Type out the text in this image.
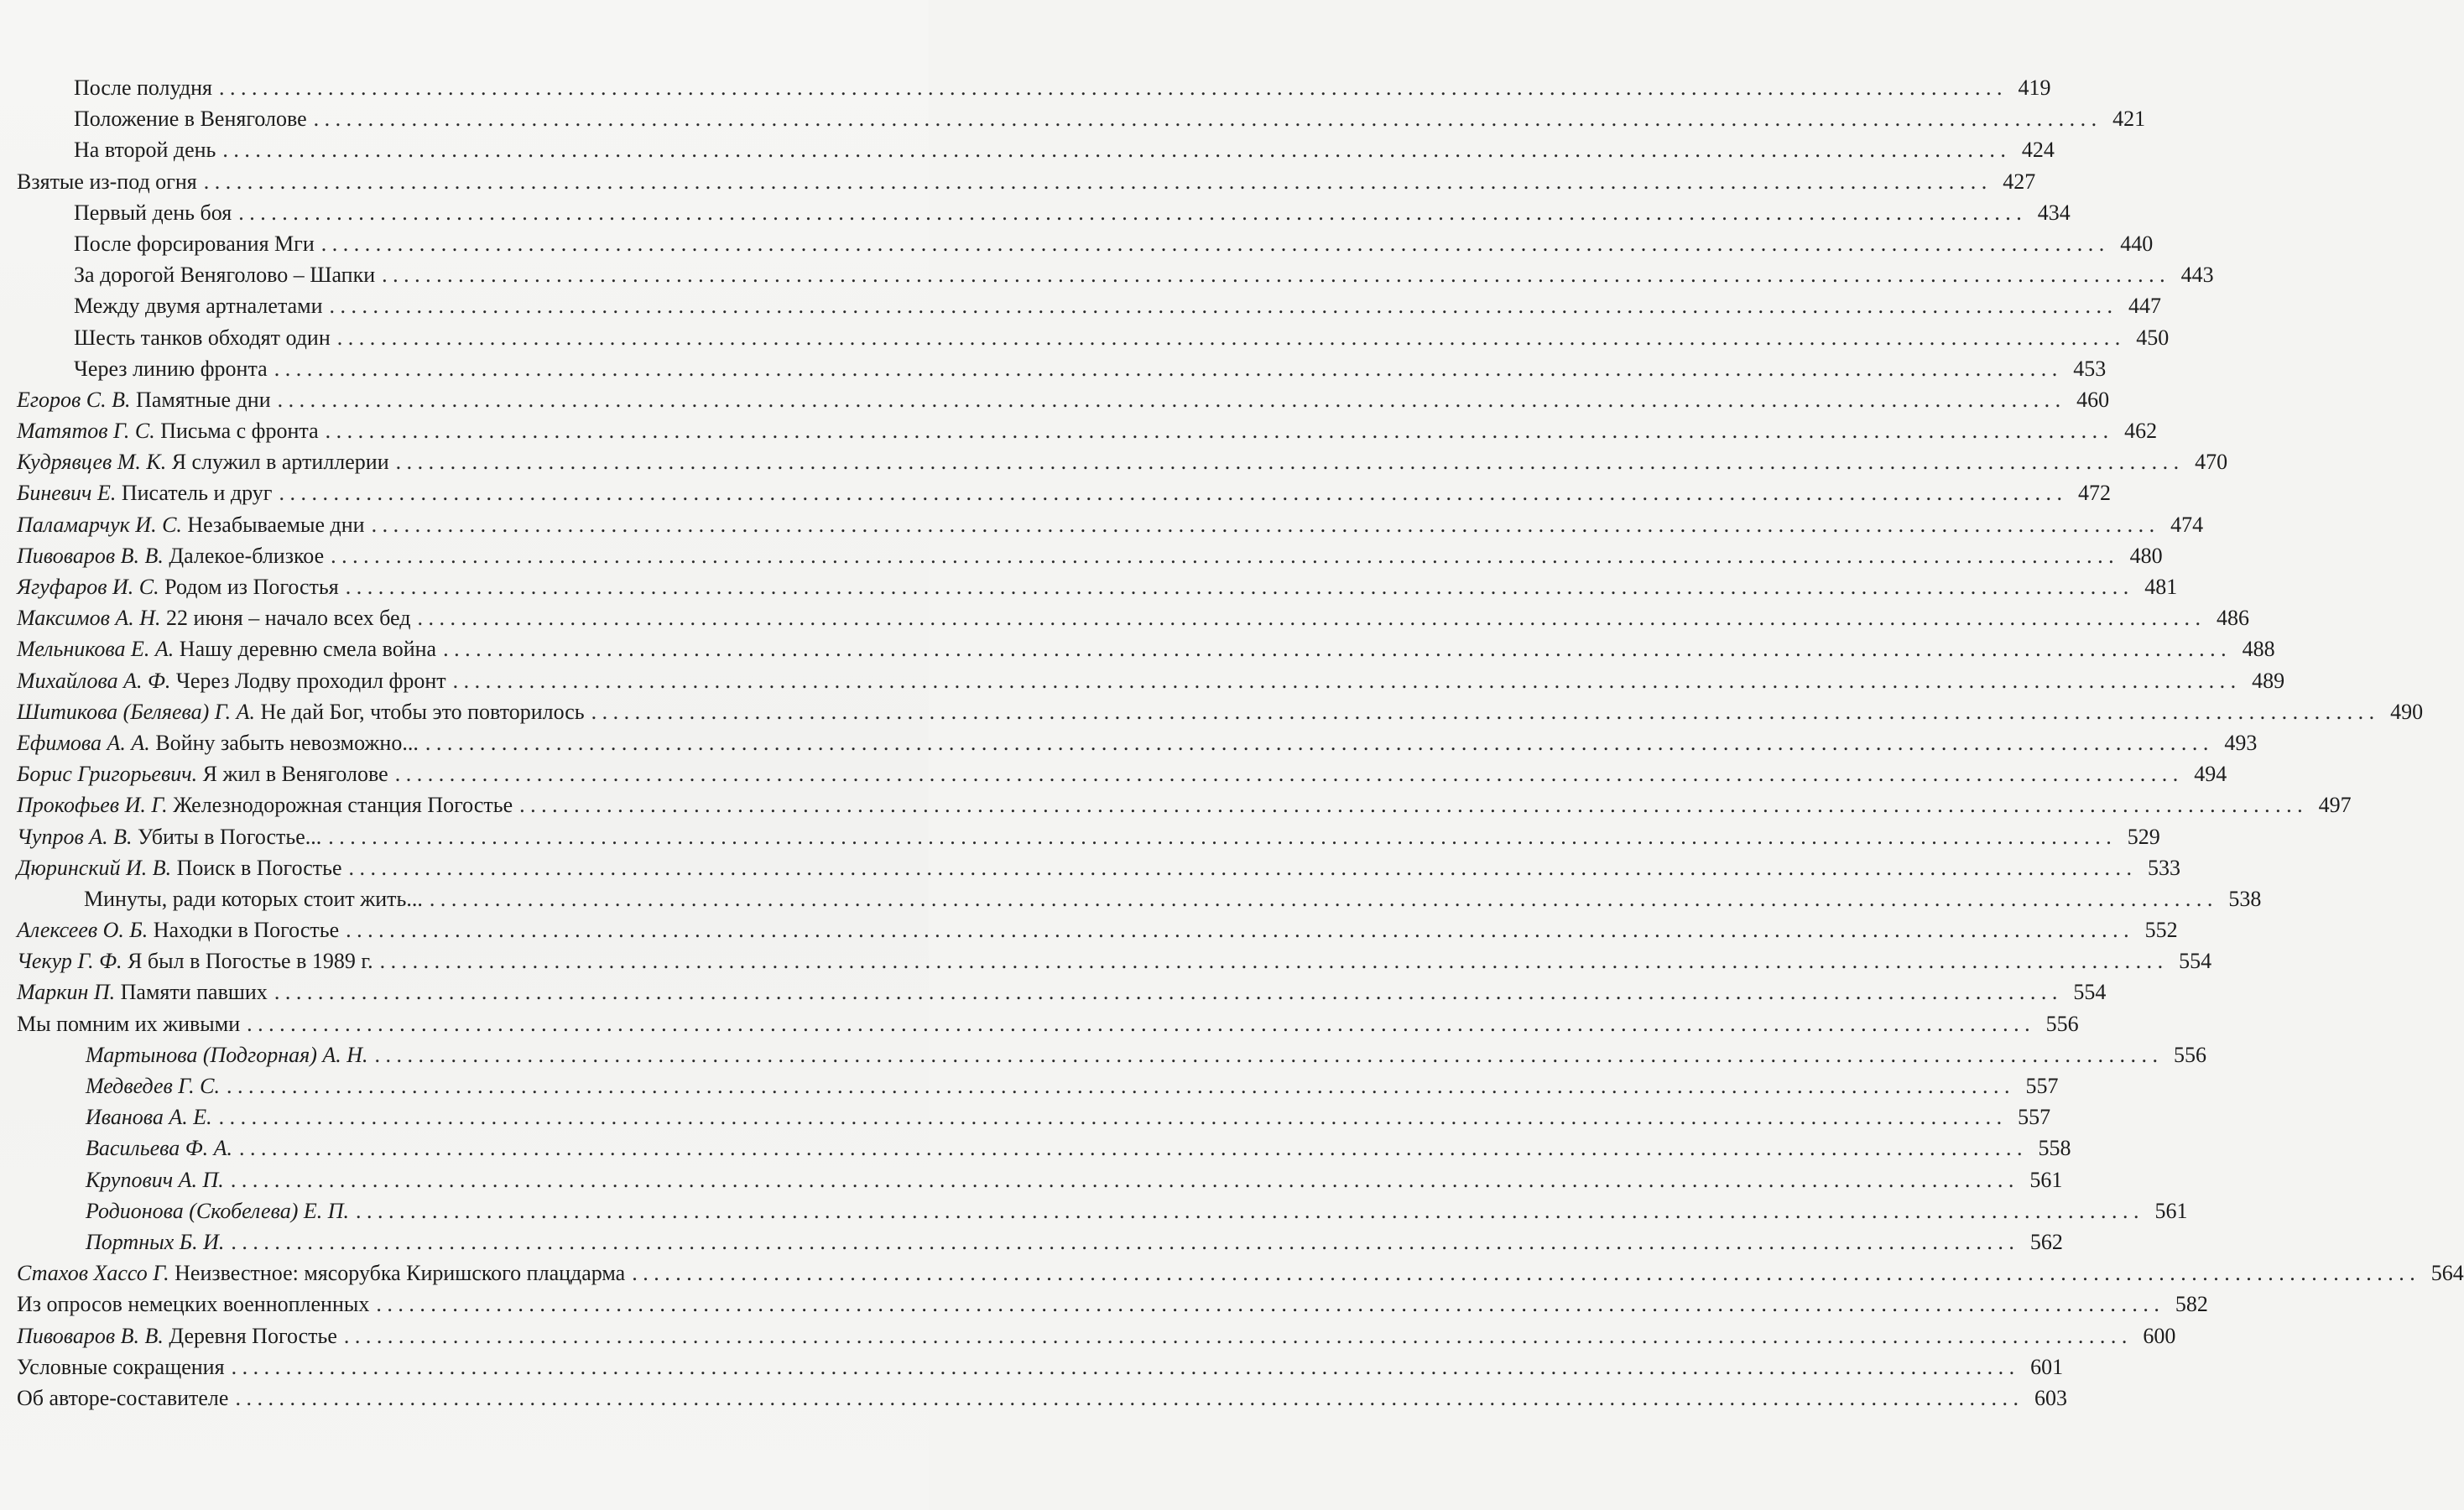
После полудня . . .	419
Положение в Веняголове . . .	421
На второй день . . .	424
Взятые из-под огня . . .	427
Первый день боя . . .	434
После форсирования Мги . . .	440
За дорогой Веняголово – Шапки . . .	443
Между двумя артналетами . . .	447
Шесть танков обходят один . . .	450
Через линию фронта . . .	453
Егоров С. В. Памятные дни . . .	460
Матятов Г. С. Письма с фронта . . .	462
Кудрявцев М. К. Я служил в артиллерии . . .	470
Биневич Е. Писатель и друг . . .	472
Паламарчук И. С. Незабываемые дни . . .	474
Пивоваров В. В. Далекое-близкое . . .	480
Ягуфаров И. С. Родом из Погостья . . .	481
Максимов А. Н. 22 июня – начало всех бед . . .	486
Мельникова Е. А. Нашу деревню смела война . . .	488
Михайлова А. Ф. Через Лодву проходил фронт . . .	489
Шитикова (Беляева) Г. А. Не дай Бог, чтобы это повторилось . . .	490
Ефимова А. А. Войну забыть невозможно... . . .	493
Борис Григорьевич. Я жил в Веняголове . . .	494
Прокофьев И. Г. Железнодорожная станция Погостье . . .	497
Чупров А. В. Убиты в Погостье... . . .	529
Дюринский И. В. Поиск в Погостье . . .	533
Минуты, ради которых стоит жить... . . .	538
Алексеев О. Б. Находки в Погостье . . .	552
Чекур Г. Ф. Я был в Погостье в 1989 г. . . .	554
Маркин П. Памяти павших . . .	554
Мы помним их живыми . . .	556
Мартынова (Подгорная) А. Н. . . .	556
Медведев Г. С. . . .	557
Иванова А. Е. . . .	557
Васильева Ф. А. . . .	558
Крупович А. П. . . .	561
Родионова (Скобелева) Е. П. . . .	561
Портных Б. И. . . .	562
Стахов Хассо Г. Неизвестное: мясорубка Киришского плацдарма . . .	564
Из опросов немецких военнопленных . . .	582
Пивоваров В. В. Деревня Погостье . . .	600
Условные сокращения . . .	601
Об авторе-составителе . . .	603
